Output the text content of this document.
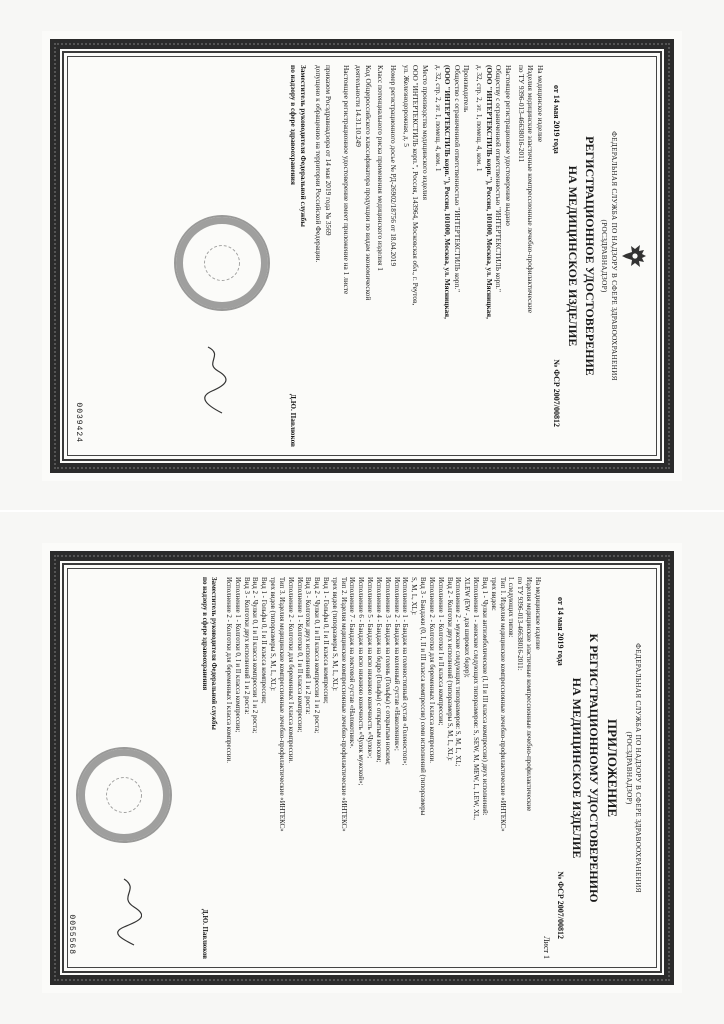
ФЕДЕРАЛЬНАЯ СЛУЖБА ПО НАДЗОРУ В СФЕРЕ ЗДРАВООХРАНЕНИЯ
(РОСЗДРАВНАДЗОР)
РЕГИСТРАЦИОННОЕ УДОСТОВЕРЕНИЕ
НА МЕДИЦИНСКОЕ ИЗДЕЛИЕ
от 14 мая 2019 года
№ ФСР 2007/00812
На медицинское изделие
Изделия медицинские эластичные компрессионные лечебно-профилактические
по ТУ 9396-013-46638016-2011
Настоящее регистрационное удостоверение выдано
Обществу с ограниченной ответственностью "ИНТЕРТЕКСТИЛЬ корп."
(ООО "ИНТЕРТЕКСТИЛЬ корп."), Россия, 101000, Москва, ул. Мясницкая,
д. 32, стр. 2, эт. 1, помещ. 4, ком. 1
Производитель
Общество с ограниченной ответственностью "ИНТЕРТЕКСТИЛЬ корп."
(ООО "ИНТЕРТЕКСТИЛЬ корп."), Россия, 101000, Москва, ул. Мясницкая,
д. 32, стр. 2, эт. 1, помещ. 4, ком. 1
Место производства медицинского изделия
ООО "ИНТЕРТЕКСТИЛЬ корп.", Россия, 143964, Московская обл., г. Реутов,
ул. Железнодорожная, д. 5
Номер регистрационного досье № РД-26902/18756 от 18.04.2019
Класс потенциального риска применения медицинского изделия 1
Код Общероссийского классификатора продукции по видам экономической
деятельности 14.31.10.249
Настоящее регистрационное удостоверение имеет приложение на 1 листе
приказом Росздравнадзора от 14 мая 2019 года № 3569
допущено к обращению на территории Российской Федерации.
Заместитель руководителя Федеральной службы
по надзору в сфере здравоохранения
Д.Ю. Павлюков
0039424
ФЕДЕРАЛЬНАЯ СЛУЖБА ПО НАДЗОРУ В СФЕРЕ ЗДРАВООХРАНЕНИЯ
(РОСЗДРАВНАДЗОР)
ПРИЛОЖЕНИЕ
К РЕГИСТРАЦИОННОМУ УДОСТОВЕРЕНИЮ
НА МЕДИЦИНСКОЕ ИЗДЕЛИЕ
от 14 мая 2019 года
№ ФСР 2007/00812
Лист 1
На медицинское изделие
Изделия медицинские эластичные компрессионные лечебно-профилактические
по ТУ 9396-013-46638016-2011:
I. следующих типов:
Тип 1. Изделия медицинские компрессионные лечебно-профилактические «ИНТЕКС»
трех видов:
Вид 1 - Чулки антиэмболические (I, II и III класса компрессии) двух исполнений:
Исполнение 1 - женские следующих типоразмеров: S, SEW, M, MEW, L, LEW, XL,
XLEW (EW - для широких бедер);
Исполнение 2 - мужские следующих типоразмеров: S, M, L, XL;
Вид 2 - Колготки двух исполнений (типоразмеры S, M, L, XL):
Исполнение 1 - Колготки I и II класса компрессии;
Исполнение 2 - Колготки для беременных I класса компрессии.
Вид 3 - Бандажи (0, I, II и III класса компрессии) семи исполнений (типоразмеры
S, M, L, XL):
Исполнение 1 - Бандаж на голеностопный сустав «Голеностоп»;
Исполнение 2 - Бандаж на коленный сустав «Наколенник»;
Исполнение 3 - Бандаж на голень (Гольфы) с открытым носком;
Исполнение 4 - Бандаж на бедро (Гольфы) с открытым носком;
Исполнение 5 - Бандаж на всю нижнюю конечность «Чулок»;
Исполнение 6 - Бандаж на всю нижнюю конечность «Чулок мужской»;
Исполнение 7 - Бандаж на локтевой сустав «Налокотник».
Тип 2. Изделия медицинские компрессионные лечебно-профилактические «ИНТЕКС»
трех видов (типоразмеры S, M, L, XL):
Вид 1 - Гольфы 0, I и II класса компрессии;
Вид 2 - Чулки 0, I и II класса компрессии 1 и 2 роста;
Вид 3 - Колготки двух исполнений 1 и 2 роста:
Исполнение 1 - Колготки 0, I и II класса компрессии;
Исполнение 2 - Колготки для беременных I класса компрессии.
Тип 3. Изделия медицинские компрессионные лечебно-профилактические «ИНТЕКС»
трех видов (типоразмеры S, M, L, XL):
Вид 1 - Гольфы 0, I и II класса компрессии;
Вид 2 - Чулки 0, I и II класса компрессии 1 и 2 роста;
Вид 3 - Колготки двух исполнений 1 и 2 роста:
Исполнение 1 - Колготки 0, I и II класса компрессии;
Исполнение 2 - Колготки для беременных I класса компрессии.
Заместитель руководителя Федеральной службы
по надзору в сфере здравоохранения
Д.Ю. Павлюков
0055568
